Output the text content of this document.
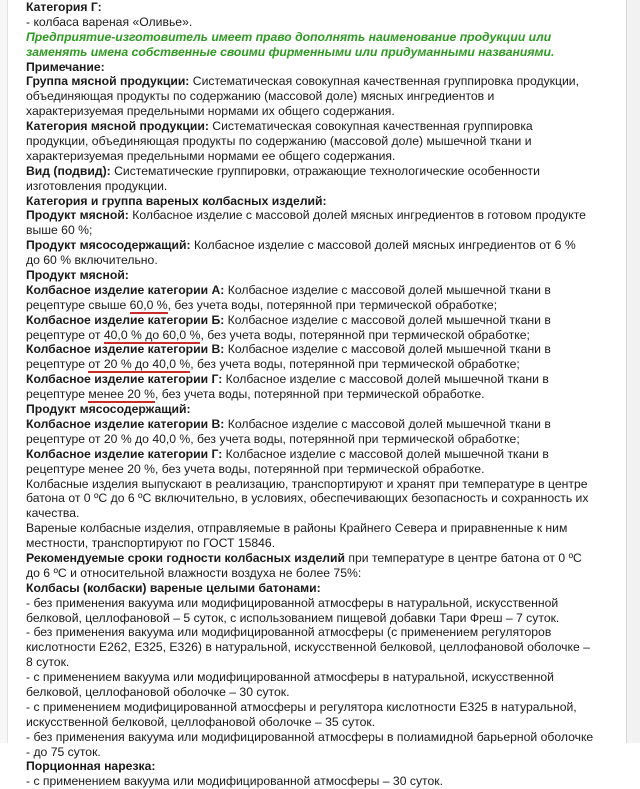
Категория Г:
- колбаса вареная «Оливье».
Предприятие-изготовитель имеет право дополнять наименование продукции или
заменять имена собственные своими фирменными или придуманными названиями.
Примечание:
Группа мясной продукции: Систематическая совокупная качественная группировка продукции,
объединяющая продукты по содержанию (массовой доле) мясных ингредиентов и
характеризуемая предельными нормами их общего содержания.
Категория мясной продукции: Систематическая совокупная качественная группировка
продукции, объединяющая продукты по содержанию (массовой доле) мышечной ткани и
характеризуемая предельными нормами ее общего содержания.
Вид (подвид): Систематические группировки, отражающие технологические особенности
изготовления продукции.
Категория и группа вареных колбасных изделий:
Продукт мясной: Колбасное изделие с массовой долей мясных ингредиентов в готовом продукте
выше 60 %;
Продукт мясосодержащий: Колбасное изделие с массовой долей мясных ингредиентов от 6 %
до 60 % включительно.
Продукт мясной:
Колбасное изделие категории А: Колбасное изделие с массовой долей мышечной ткани в
рецептуре свыше 60,0 %, без учета воды, потерянной при термической обработке;
Колбасное изделие категории Б: Колбасное изделие с массовой долей мышечной ткани в
рецептуре от 40,0 % до 60,0 %, без учета воды, потерянной при термической обработке;
Колбасное изделие категории В: Колбасное изделие с массовой долей мышечной ткани в
рецептуре от 20 % до 40,0 %, без учета воды, потерянной при термической обработке;
Колбасное изделие категории Г: Колбасное изделие с массовой долей мышечной ткани в
рецептуре менее 20 %, без учета воды, потерянной при термической обработке.
Продукт мясосодержащий:
Колбасное изделие категории В: Колбасное изделие с массовой долей мышечной ткани в
рецептуре от 20 % до 40,0 %, без учета воды, потерянной при термической обработке;
Колбасное изделие категории Г: Колбасное изделие с массовой долей мышечной ткани в
рецептуре менее 20 %, без учета воды, потерянной при термической обработке.
Колбасные изделия выпускают в реализацию, транспортируют и хранят при температуре в центре
батона от 0 ºC до 6 ºC включительно, в условиях, обеспечивающих безопасность и сохранность их
качества.
Вареные колбасные изделия, отправляемые в районы Крайнего Севера и приравненные к ним
местности, транспортируют по ГОСТ 15846.
Рекомендуемые сроки годности колбасных изделий при температуре в центре батона от 0 ºC
до 6 ºC и относительной влажности воздуха не более 75%:
Колбасы (колбаски) вареные целыми батонами:
- без применения вакуума или модифицированной атмосферы в натуральной, искусственной
белковой, целлофановой – 5 суток, с использованием пищевой добавки Тари Фреш – 7 суток.
- без применения вакуума или модифицированной атмосферы (с применением регуляторов
кислотности Е262, Е325, Е326) в натуральной, искусственной белковой, целлофановой оболочке –
8 суток.
- с применением вакуума или модифицированной атмосферы в натуральной, искусственной
белковой, целлофановой оболочке – 30 суток.
- с применением модифицированной атмосферы и регулятора кислотности Е325 в натуральной,
искусственной белковой, целлофановой оболочке – 35 суток.
- без применения вакуума или модифицированной атмосферы в полиамидной барьерной оболочке
- до 75 суток.
Порционная нарезка:
- с применением вакуума или модифицированной атмосферы – 30 суток.
